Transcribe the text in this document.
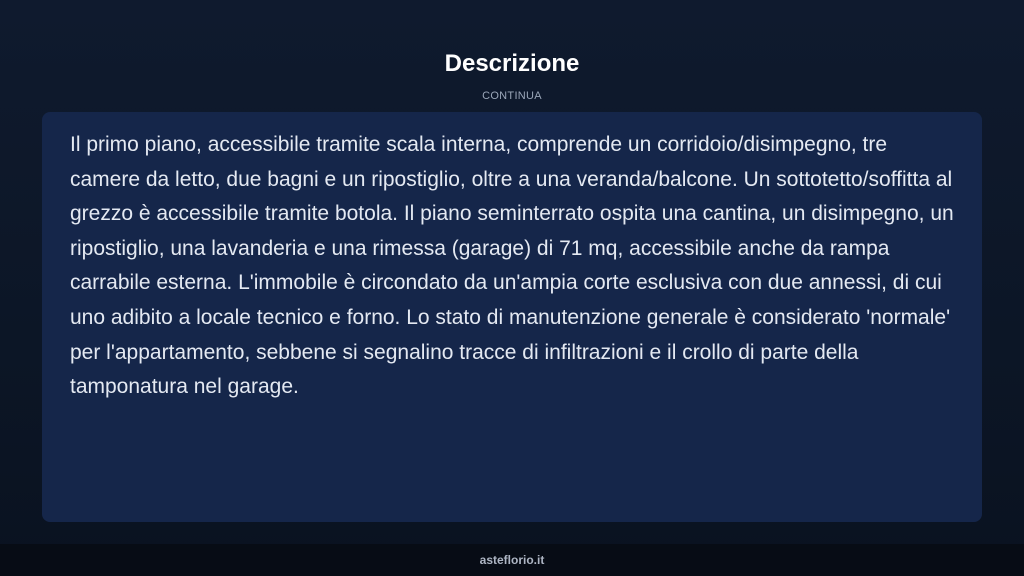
Descrizione
CONTINUA

Il primo piano, accessibile tramite scala interna, comprende un corridoio/disimpegno, tre camere da letto, due bagni e un ripostiglio, oltre a una veranda/balcone. Un sottotetto/soffitta al grezzo è accessibile tramite botola. Il piano seminterrato ospita una cantina, un disimpegno, un ripostiglio, una lavanderia e una rimessa (garage) di 71 mq, accessibile anche da rampa carrabile esterna. L'immobile è circondato da un'ampia corte esclusiva con due annessi, di cui uno adibito a locale tecnico e forno. Lo stato di manutenzione generale è considerato 'normale' per l'appartamento, sebbene si segnalino tracce di infiltrazioni e il crollo di parte della tamponatura nel garage.

asteflorio.it
